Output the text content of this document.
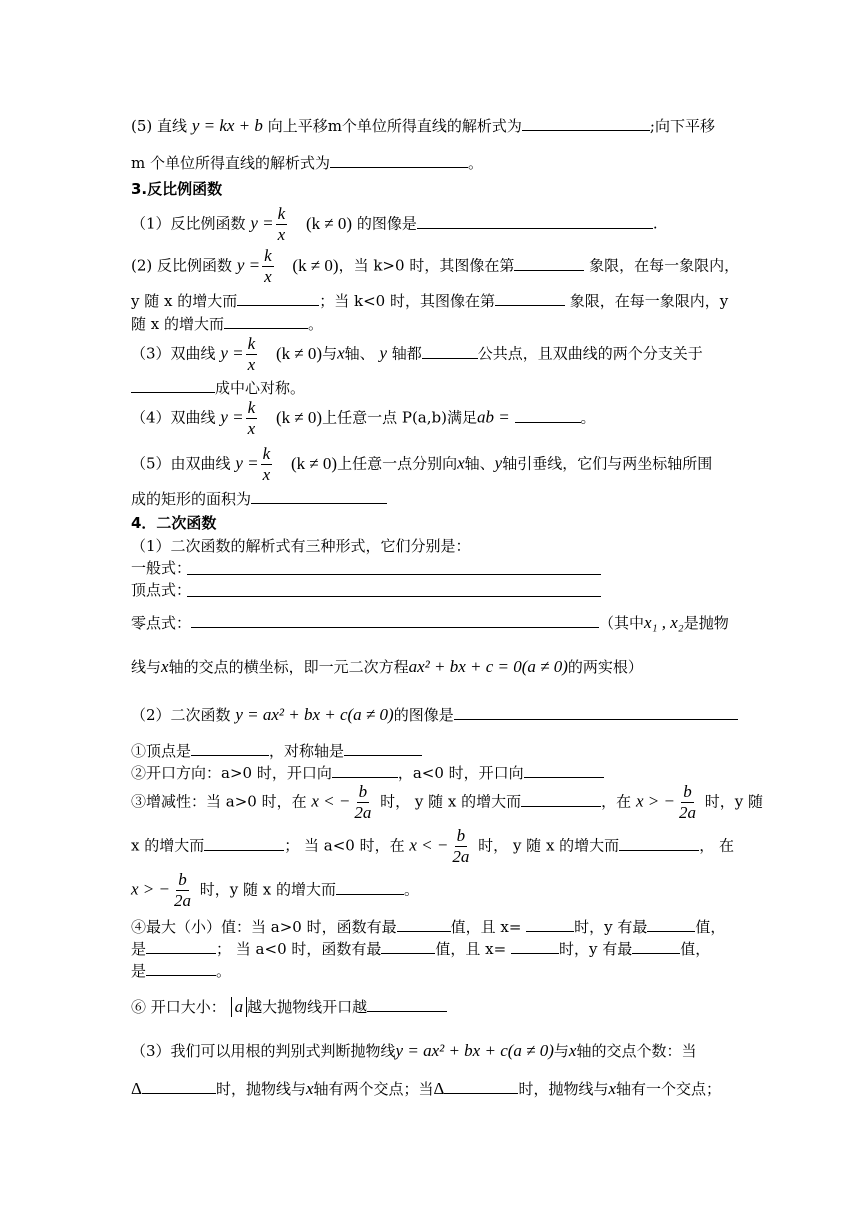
(5) 直线 y = kx + b 向上平移m个单位所得直线的解析式为	;向下平移
m 个单位所得直线的解析式为	。
3.反比例函数
（1）反比例函数 $y = \frac{k}{x} (k \ne 0)$ 的图像是	.
(2) 反比例函数 $y = \frac{k}{x} (k \ne 0)$，当 k>0 时，其图像在第	象限，在每一象限内，
y 随 x 的增大而	；当 k<0 时，其图像在第	象限，在每一象限内，y
随 x 的增大而	。
（3）双曲线 $y = \frac{k}{x} (k \ne 0)$与x轴、 y 轴都	公共点，且双曲线的两个分支关于
成中心对称。
（4）双曲线 $y = \frac{k}{x} (k \ne 0)$上任意一点 P(a,b)满足ab =	。
（5）由双曲线 $y = \frac{k}{x} (k \ne 0)$上任意一点分别向x轴、y轴引垂线，它们与两坐标轴所围
成的矩形的面积为
4．二次函数
（1）二次函数的解析式有三种形式，它们分别是：
一般式：
顶点式：
零点式：	（其中x₁ , x₂是抛物
线与x轴的交点的横坐标，即一元二次方程ax² + bx + c = 0(a ≠ 0)的两实根）
（2）二次函数 y = ax² + bx + c(a ≠ 0)的图像是
①顶点是	，对称轴是
②开口方向：a>0 时，开口向	，a<0 时，开口向
③增减性：当 a>0 时，在 x < − $\frac{b}{2a}$ 时， y 随 x 的增大而	，在 x > − $\frac{b}{2a}$ 时，y 随
x 的增大而	； 当 a<0 时，在 x < − $\frac{b}{2a}$ 时， y 随 x 的增大而	， 在
x > − $\frac{b}{2a}$ 时，y 随 x 的增大而	。
④最大（小）值：当 a>0 时，函数有最	值，且 x=	时，y 有最	值，
是	； 当 a<0 时，函数有最	值，且 x=	时，y 有最	值，
是	。
⑥ 开口大小： a 越大抛物线开口越
（3）我们可以用根的判别式判断抛物线y = ax² + bx + c(a ≠ 0)与x轴的交点个数：当
Δ	时，抛物线与x轴有两个交点；当Δ	时，抛物线与x轴有一个交点；
